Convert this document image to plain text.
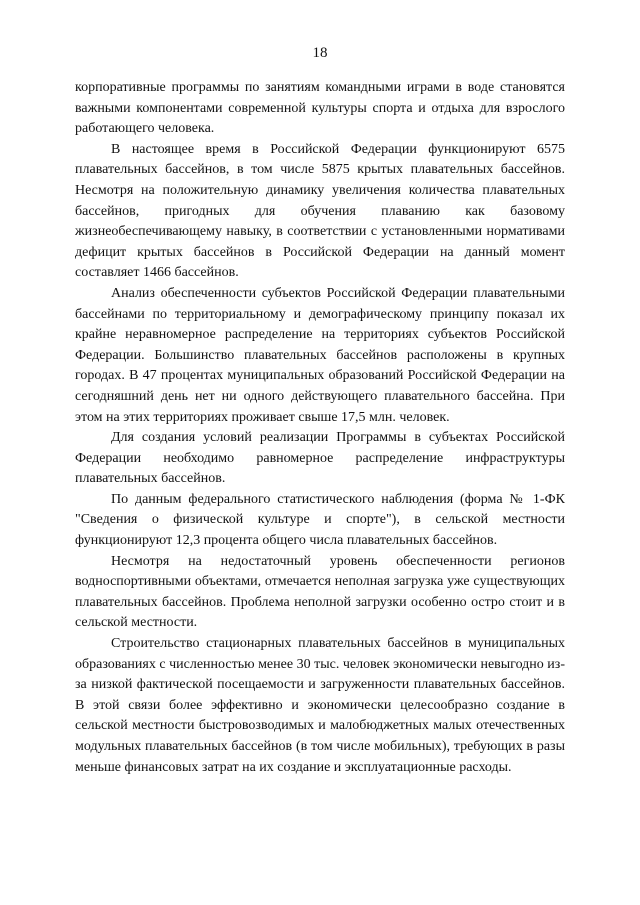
18

корпоративные программы по занятиям командными играми в воде становятся важными компонентами современной культуры спорта и отдыха для взрослого работающего человека.

В настоящее время в Российской Федерации функционируют 6575 плавательных бассейнов, в том числе 5875 крытых плавательных бассейнов. Несмотря на положительную динамику увеличения количества плавательных бассейнов, пригодных для обучения плаванию как базовому жизнеобеспечивающему навыку, в соответствии с установленными нормативами дефицит крытых бассейнов в Российской Федерации на данный момент составляет 1466 бассейнов.

Анализ обеспеченности субъектов Российской Федерации плавательными бассейнами по территориальному и демографическому принципу показал их крайне неравномерное распределение на территориях субъектов Российской Федерации. Большинство плавательных бассейнов расположены в крупных городах. В 47 процентах муниципальных образований Российской Федерации на сегодняшний день нет ни одного действующего плавательного бассейна. При этом на этих территориях проживает свыше 17,5 млн. человек.

Для создания условий реализации Программы в субъектах Российской Федерации необходимо равномерное распределение инфраструктуры плавательных бассейнов.

По данным федерального статистического наблюдения (форма № 1-ФК "Сведения о физической культуре и спорте"), в сельской местности функционируют 12,3 процента общего числа плавательных бассейнов.

Несмотря на недостаточный уровень обеспеченности регионов водноспортивными объектами, отмечается неполная загрузка уже существующих плавательных бассейнов. Проблема неполной загрузки особенно остро стоит и в сельской местности.

Строительство стационарных плавательных бассейнов в муниципальных образованиях с численностью менее 30 тыс. человек экономически невыгодно из-за низкой фактической посещаемости и загруженности плавательных бассейнов. В этой связи более эффективно и экономически целесообразно создание в сельской местности быстровозводимых и малобюджетных малых отечественных модульных плавательных бассейнов (в том числе мобильных), требующих в разы меньше финансовых затрат на их создание и эксплуатационные расходы.
